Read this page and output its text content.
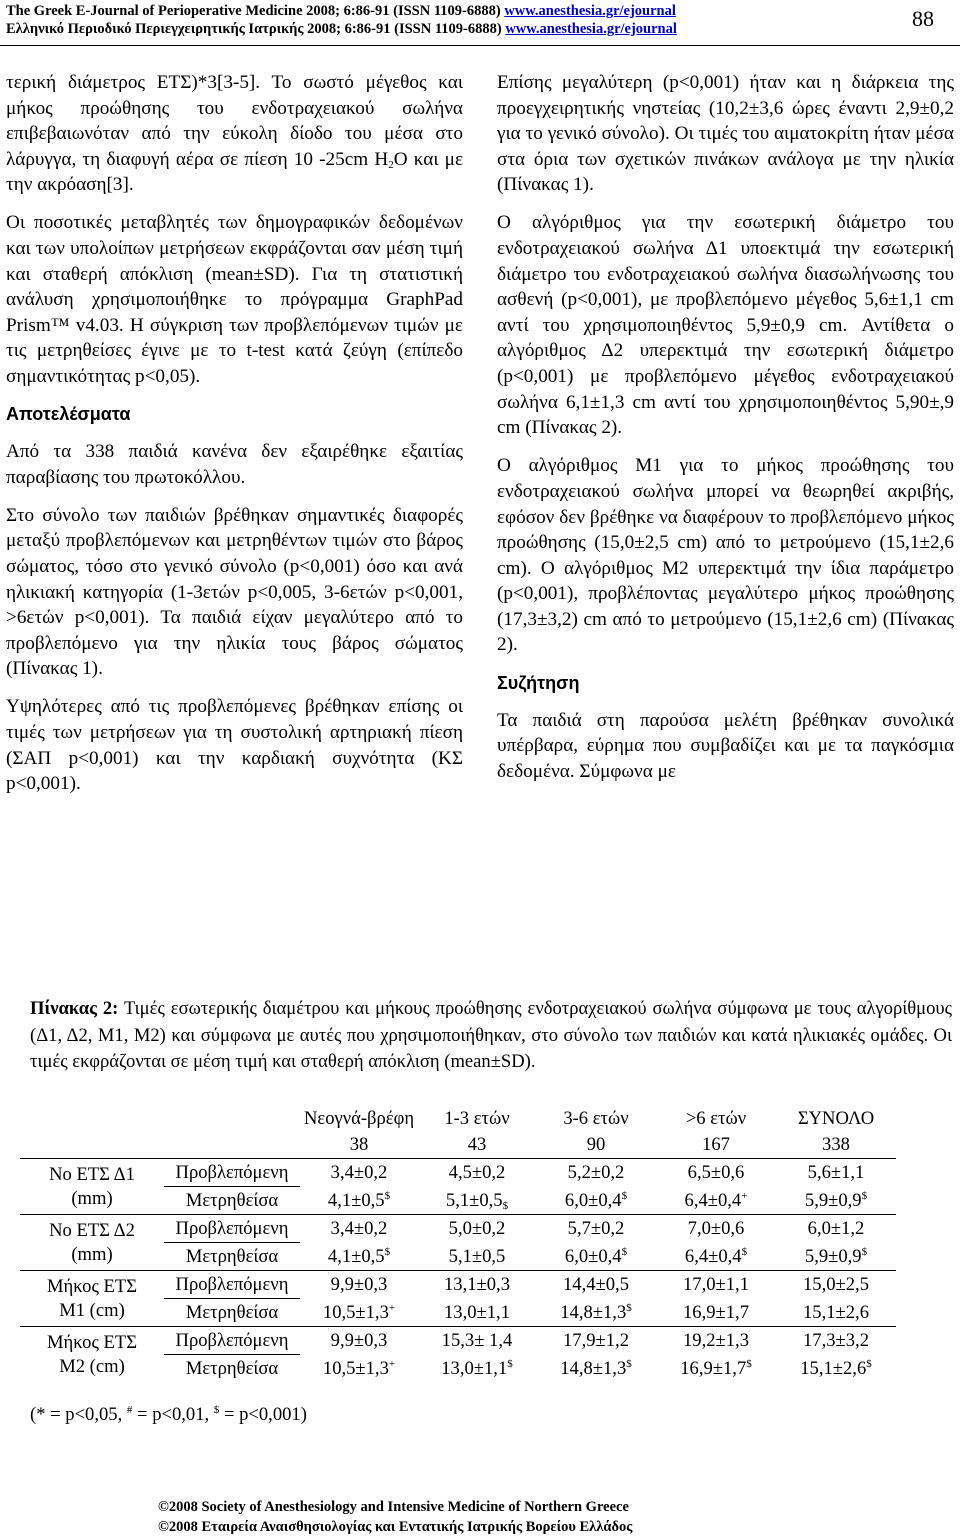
The Greek E-Journal of Perioperative Medicine 2008; 6:86-91 (ISSN 1109-6888) www.anesthesia.gr/ejournal
Ελληνικό Περιοδικό Περιεγχειρητικής Ιατρικής 2008; 6:86-91 (ISSN 1109-6888) www.anesthesia.gr/ejournal	88

τερική διάμετρος ΕΤΣ)*3[3-5]. Το σωστό μέγεθος και μήκος προώθησης του ενδοτραχειακού σωλήνα επιβεβαιωνόταν από την εύκολη δίοδο του μέσα στο λάρυγγα, τη διαφυγή αέρα σε πίεση 10 -25cm $H_2O$ και με την ακρόαση[3].

Οι ποσοτικές μεταβλητές των δημογραφικών δεδομένων και των υπολοίπων μετρήσεων εκφράζονται σαν μέση τιμή και σταθερή απόκλιση (mean±SD). Για τη στατιστική ανάλυση χρησιμοποιήθηκε το πρόγραμμα GraphPad Prism™ v4.03. Η σύγκριση των προβλεπόμενων τιμών με τις μετρηθείσες έγινε με το t-test κατά ζεύγη (επίπεδο σημαντικότητας p<0,05).

Αποτελέσματα

Από τα 338 παιδιά κανένα δεν εξαιρέθηκε εξαιτίας παραβίασης του πρωτοκόλλου.

Στο σύνολο των παιδιών βρέθηκαν σημαντικές διαφορές μεταξύ προβλεπόμενων και μετρηθέντων τιμών στο βάρος σώματος, τόσο στο γενικό σύνολο (p<0,001) όσο και ανά ηλικιακή κατηγορία (1-3ετών p<0,005, 3-6ετών p<0,001, >6ετών p<0,001). Τα παιδιά είχαν μεγαλύτερο από το προβλεπόμενο για την ηλικία τους βάρος σώματος (Πίνακας 1).

Υψηλότερες από τις προβλεπόμενες βρέθηκαν επίσης οι τιμές των μετρήσεων για τη συστολική αρτηριακή πίεση (ΣΑΠ p<0,001) και την καρδιακή συχνότητα (ΚΣ p<0,001).

Επίσης μεγαλύτερη (p<0,001) ήταν και η διάρκεια της προεγχειρητικής νηστείας (10,2±3,6 ώρες έναντι 2,9±0,2 για το γενικό σύνολο). Οι τιμές του αιματοκρίτη ήταν μέσα στα όρια των σχετικών πινάκων ανάλογα με την ηλικία (Πίνακας 1).

Ο αλγόριθμος για την εσωτερική διάμετρο του ενδοτραχειακού σωλήνα Δ1 υποεκτιμά την εσωτερική διάμετρο του ενδοτραχειακού σωλήνα διασωλήνωσης του ασθενή (p<0,001), με προβλεπόμενο μέγεθος 5,6±1,1 cm αντί του χρησιμοποιηθέντος 5,9±0,9 cm. Αντίθετα ο αλγόριθμος Δ2 υπερεκτιμά την εσωτερική διάμετρο (p<0,001) με προβλεπόμενο μέγεθος ενδοτραχειακού σωλήνα 6,1±1,3 cm αντί του χρησιμοποιηθέντος 5,90±,9 cm (Πίνακας 2).

Ο αλγόριθμος Μ1 για το μήκος προώθησης του ενδοτραχειακού σωλήνα μπορεί να θεωρηθεί ακριβής, εφόσον δεν βρέθηκε να διαφέρουν το προβλεπόμενο μήκος προώθησης (15,0±2,5 cm) από το μετρούμενο (15,1±2,6 cm). Ο αλγόριθμος Μ2 υπερεκτιμά την ίδια παράμετρο (p<0,001), προβλέποντας μεγαλύτερο μήκος προώθησης (17,3±3,2) cm από το μετρούμενο (15,1±2,6 cm) (Πίνακας 2).

Συζήτηση

Τα παιδιά στη παρούσα μελέτη βρέθηκαν συνολικά υπέρβαρα, εύρημα που συμβαδίζει και με τα παγκόσμια δεδομένα. Σύμφωνα με

Πίνακας 2: Τιμές εσωτερικής διαμέτρου και μήκους προώθησης ενδοτραχειακού σωλήνα σύμφωνα με τους αλγορίθμους (Δ1, Δ2, Μ1, Μ2) και σύμφωνα με αυτές που χρησιμοποιήθηκαν, στο σύνολο των παιδιών και κατά ηλικιακές ομάδες. Οι τιμές εκφράζονται σε μέση τιμή και σταθερή απόκλιση (mean±SD).
		Νεογνά-βρέφη	1-3 ετών	3-6 ετών	>6 ετών	ΣΥΝΟΛΟ
		38	43	90	167	338

No ΕΤΣ Δ1
(mm)	Προβλεπόμενη	3,4±0,2	4,5±0,2	5,2±0,2	6,5±0,6	5,6±1,1
	Μετρηθείσα	4,1±0,5$	$5,1\pm 0,5_{\$}$	6,0±0,4$	6,4±0,4+	5,9±0,9$

No ΕΤΣ Δ2
(mm)	Προβλεπόμενη	3,4±0,2	5,0±0,2	5,7±0,2	7,0±0,6	6,0±1,2
	Μετρηθείσα	4,1±0,5$	5,1±0,5	6,0±0,4$	6,4±0,4$	5,9±0,9$

Μήκος ΕΤΣ
Μ1 (cm)	Προβλεπόμενη	9,9±0,3	13,1±0,3	14,4±0,5	17,0±1,1	15,0±2,5
	Μετρηθείσα	10,5±1,3+	13,0±1,1	14,8±1,3$	16,9±1,7	15,1±2,6

Μήκος ΕΤΣ
Μ2 (cm)	Προβλεπόμενη	9,9±0,3	15,3± 1,4	17,9±1,2	19,2±1,3	17,3±3,2
	Μετρηθείσα	10,5±1,3+	13,0±1,1$	14,8±1,3$	16,9±1,7$	15,1±2,6$
(* = p<0,05, # = p<0,01, $ = p<0,001)
©2008 Society of Anesthesiology and Intensive Medicine of Northern Greece
©2008 Εταιρεία Αναισθησιολογίας και Εντατικής Ιατρικής Βορείου Ελλάδος
